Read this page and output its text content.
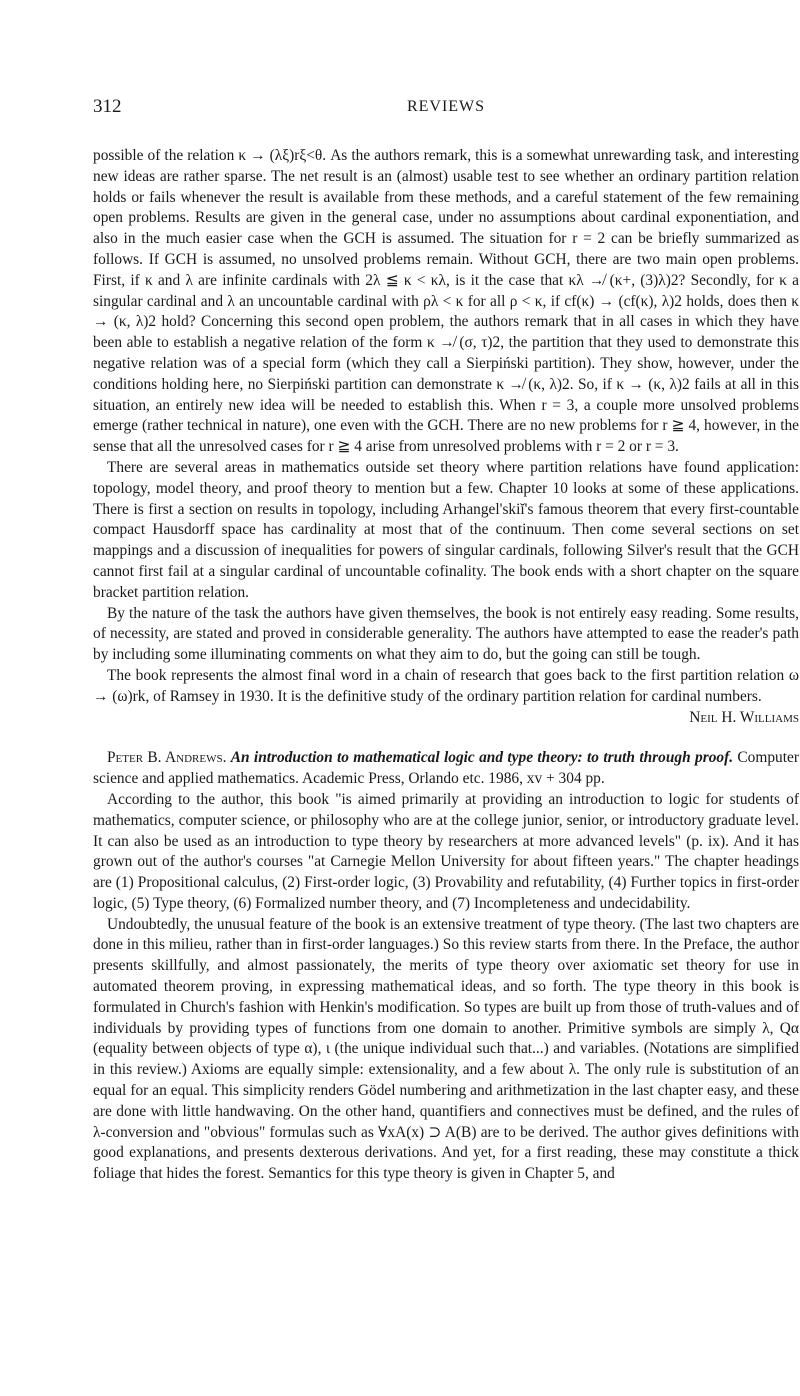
312	REVIEWS

possible of the relation κ → (λξ)rξ<θ. As the authors remark, this is a somewhat unrewarding task, and interesting new ideas are rather sparse. The net result is an (almost) usable test to see whether an ordinary partition relation holds or fails whenever the result is available from these methods, and a careful statement of the few remaining open problems. Results are given in the general case, under no assumptions about cardinal exponentiation, and also in the much easier case when the GCH is assumed. The situation for r = 2 can be briefly summarized as follows. If GCH is assumed, no unsolved problems remain. Without GCH, there are two main open problems. First, if κ and λ are infinite cardinals with 2λ ≦ κ < κλ, is it the case that κλ ↛ (κ+, (3)λ)2? Secondly, for κ a singular cardinal and λ an uncountable cardinal with ρλ < κ for all ρ < κ, if cf(κ) → (cf(κ), λ)2 holds, does then κ → (κ, λ)2 hold? Concerning this second open problem, the authors remark that in all cases in which they have been able to establish a negative relation of the form κ ↛ (σ, τ)2, the partition that they used to demonstrate this negative relation was of a special form (which they call a Sierpiński partition). They show, however, under the conditions holding here, no Sierpiński partition can demonstrate κ ↛ (κ, λ)2. So, if κ → (κ, λ)2 fails at all in this situation, an entirely new idea will be needed to establish this. When r = 3, a couple more unsolved problems emerge (rather technical in nature), one even with the GCH. There are no new problems for r ≧ 4, however, in the sense that all the unresolved cases for r ≧ 4 arise from unresolved problems with r = 2 or r = 3.

There are several areas in mathematics outside set theory where partition relations have found application: topology, model theory, and proof theory to mention but a few. Chapter 10 looks at some of these applications. There is first a section on results in topology, including Arhangel'skiĭ's famous theorem that every first-countable compact Hausdorff space has cardinality at most that of the continuum. Then come several sections on set mappings and a discussion of inequalities for powers of singular cardinals, following Silver's result that the GCH cannot first fail at a singular cardinal of uncountable cofinality. The book ends with a short chapter on the square bracket partition relation.

By the nature of the task the authors have given themselves, the book is not entirely easy reading. Some results, of necessity, are stated and proved in considerable generality. The authors have attempted to ease the reader's path by including some illuminating comments on what they aim to do, but the going can still be tough.

The book represents the almost final word in a chain of research that goes back to the first partition relation ω → (ω)rk, of Ramsey in 1930. It is the definitive study of the ordinary partition relation for cardinal numbers.
Neil H. Williams

Peter B. Andrews. An introduction to mathematical logic and type theory: to truth through proof. Computer science and applied mathematics. Academic Press, Orlando etc. 1986, xv + 304 pp.

According to the author, this book "is aimed primarily at providing an introduction to logic for students of mathematics, computer science, or philosophy who are at the college junior, senior, or introductory graduate level. It can also be used as an introduction to type theory by researchers at more advanced levels" (p. ix). And it has grown out of the author's courses "at Carnegie Mellon University for about fifteen years." The chapter headings are (1) Propositional calculus, (2) First-order logic, (3) Provability and refutability, (4) Further topics in first-order logic, (5) Type theory, (6) Formalized number theory, and (7) Incompleteness and undecidability.

Undoubtedly, the unusual feature of the book is an extensive treatment of type theory. (The last two chapters are done in this milieu, rather than in first-order languages.) So this review starts from there. In the Preface, the author presents skillfully, and almost passionately, the merits of type theory over axiomatic set theory for use in automated theorem proving, in expressing mathematical ideas, and so forth. The type theory in this book is formulated in Church's fashion with Henkin's modification. So types are built up from those of truth-values and of individuals by providing types of functions from one domain to another. Primitive symbols are simply λ, Qα (equality between objects of type α), ι (the unique individual such that...) and variables. (Notations are simplified in this review.) Axioms are equally simple: extensionality, and a few about λ. The only rule is substitution of an equal for an equal. This simplicity renders Gödel numbering and arithmetization in the last chapter easy, and these are done with little handwaving. On the other hand, quantifiers and connectives must be defined, and the rules of λ-conversion and "obvious" formulas such as ∀xA(x) ⊃ A(B) are to be derived. The author gives definitions with good explanations, and presents dexterous derivations. And yet, for a first reading, these may constitute a thick foliage that hides the forest. Semantics for this type theory is given in Chapter 5, and
